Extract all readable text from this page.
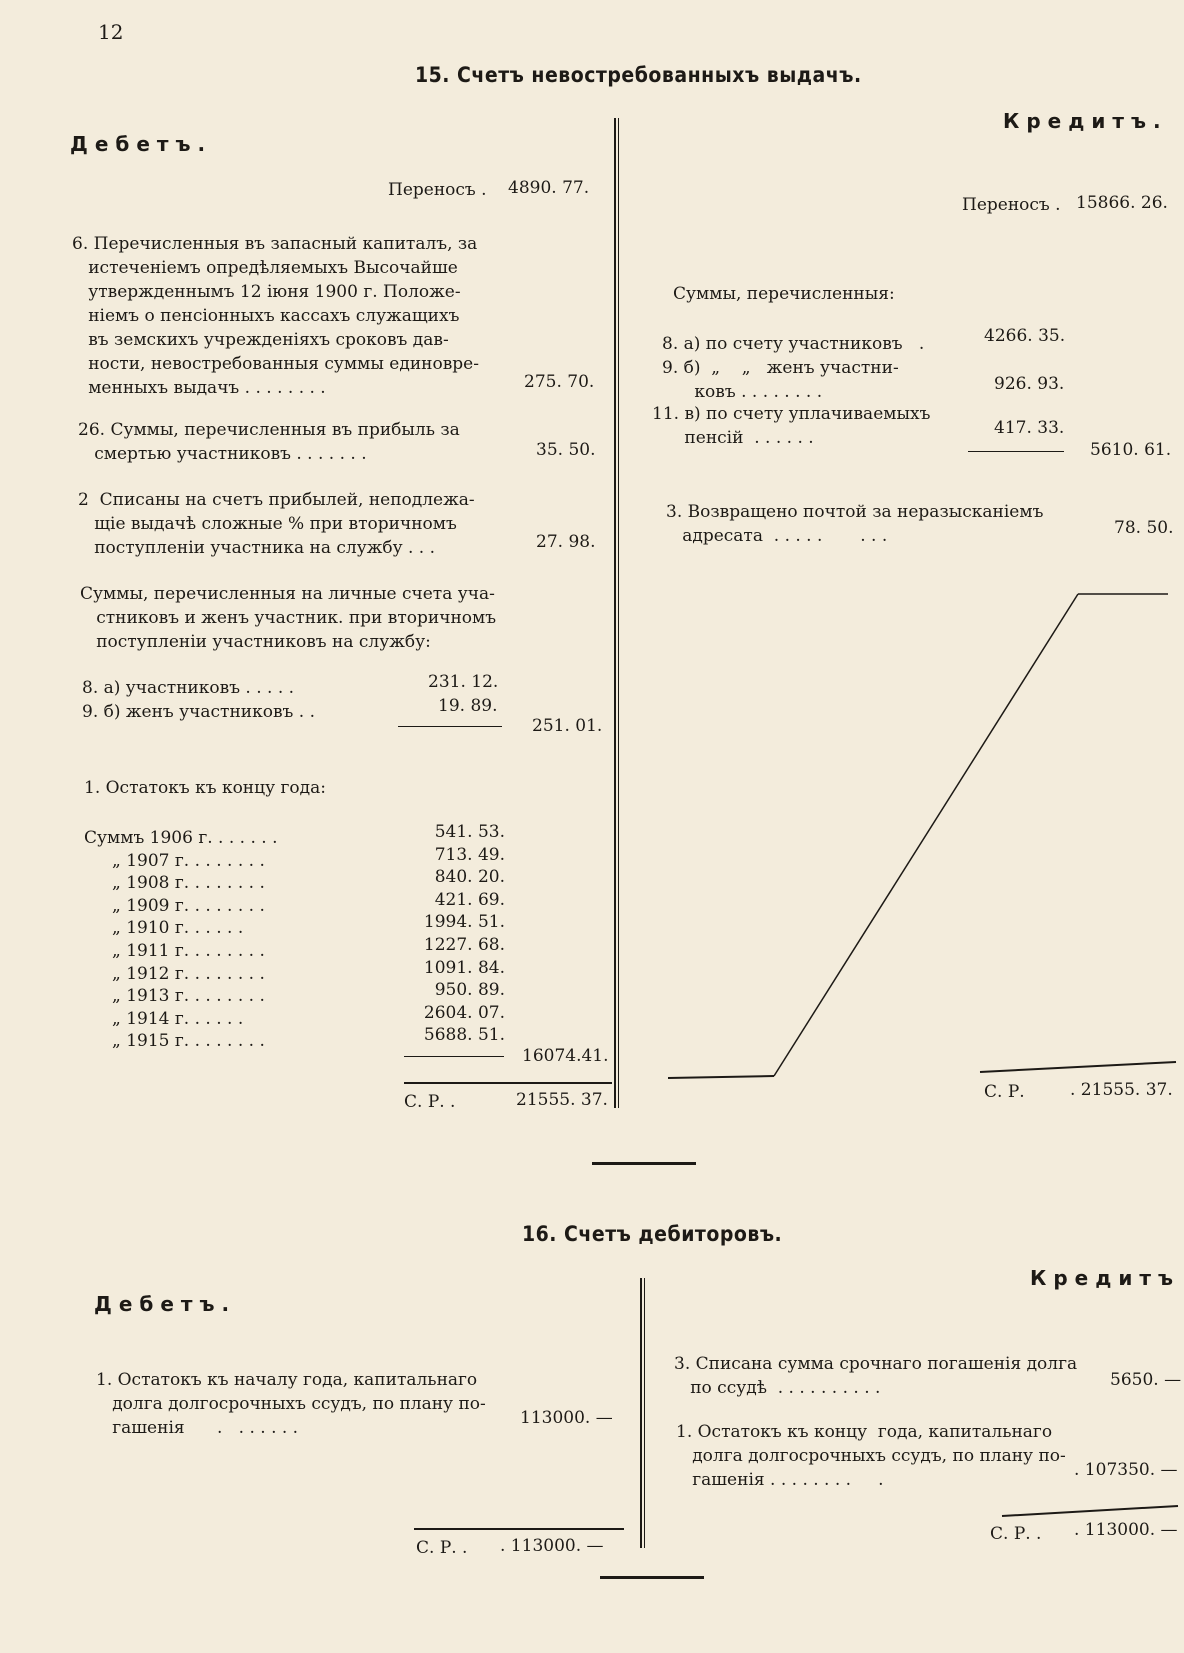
12
15. Счетъ невостребованныхъ выдачъ.
Дебетъ.
Кредитъ.
Переносъ . 4890. 77.
6. Перечисленныя въ запасный капиталъ, за
истеченіемъ опредѣляемыхъ Высочайше
утвержденнымъ 12 іюня 1900 г. Положе-
ніемъ о пенсіонныхъ кассахъ служащихъ
въ земскихъ учрежденіяхъ сроковъ дав-
ности, невостребованныя суммы единовре-
менныхъ выдачъ . . . . . . . .	275. 70.
26. Суммы, перечисленныя въ прибыль за
смертью участниковъ . . . . . . .	35. 50.
2  Списаны на счетъ прибылей, неподлежа-
щіе выдачѣ сложные % при вторичномъ
поступленіи участника на службу . . .	27. 98.
Суммы, перечисленныя на личные счета уча-
стниковъ и женъ участник. при вторичномъ
поступленіи участниковъ на службу:
8. а) участниковъ . . . . .	231. 12.
9. б) женъ участниковъ . .	19. 89.
251. 01.
1. Остатокъ къ концу года:
Суммъ 1906 г. . . . . . .	541. 53.
„ 1907 г. . . . . . . .	713. 49.
„ 1908 г. . . . . . . .	840. 20.
„ 1909 г. . . . . . . .	421. 69.
„ 1910 г. . . . . .	1994. 51.
„ 1911 г. . . . . . . .	1227. 68.
„ 1912 г. . . . . . . .	1091. 84.
„ 1913 г. . . . . . . .	950. 89.
„ 1914 г. . . . . .	2604. 07.
„ 1915 г. . . . . . . .	5688. 51.
16074.41.
С. Р. .	21555. 37.
Переносъ . 15866. 26.
Суммы, перечисленныя:
8. а) по счету участниковъ   .	4266. 35.
9. б)  „    „   женъ участни-
ковъ . . . . . . . .	926. 93.
11. в) по счету уплачиваемыхъ
пенсій  . . . . . .	417. 33.
5610. 61.
3. Возвращено почтой за неразысканіемъ
адресата  . . . . .       . . .	78. 50.
С. Р.	. 21555. 37.
16. Счетъ дебиторовъ.
Дебетъ.
Кредитъ
1. Остатокъ къ началу года, капитальнаго
долга долгосрочныхъ ссудъ, по плану по-
гашенія      .   . . . . . .	113000. —
С. Р. . . 113000. —
3. Списана сумма срочнаго погашенія долга
по ссудѣ  . . . . . . . . . .	5650. —
1. Остатокъ къ концу  года, капитальнаго
долга долгосрочныхъ ссудъ, по плану по-
гашенія . . . . . . . .     .	. 107350. —
С. Р. . . 113000. —
